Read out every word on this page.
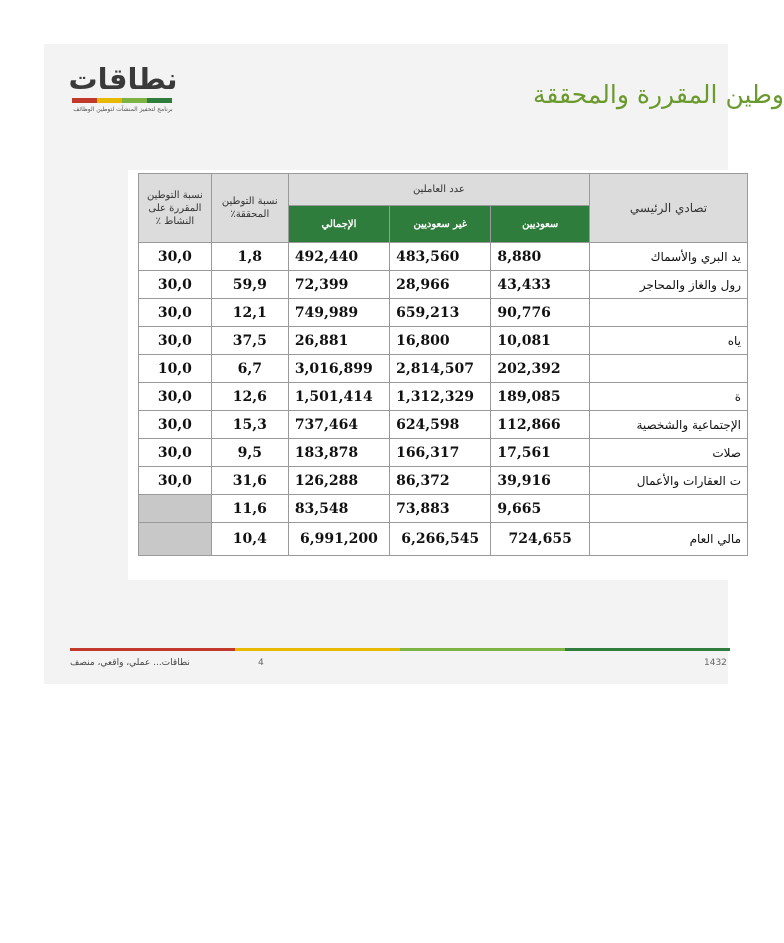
نطاقات
برنامج لتحفيز المنشآت لتوطين الوظائف
وطين المقررة والمحققة
نسبة التوطين المقررة على النشاط ٪	نسبة التوطين المحققة٪	عدد العاملين			تصادي الرئيسي
		الإجمالي	غير سعوديين	سعوديين	
30,0	1,8	492,440	483,560	8,880	يد البري والأسماك
30,0	59,9	72,399	28,966	43,433	رول والغاز والمحاجر
30,0	12,1	749,989	659,213	90,776	
30,0	37,5	26,881	16,800	10,081	ياه
10,0	6,7	3,016,899	2,814,507	202,392	
30,0	12,6	1,501,414	1,312,329	189,085	ة
30,0	15,3	737,464	624,598	112,866	الإجتماعية والشخصية
30,0	9,5	183,878	166,317	17,561	صلات
30,0	31,6	126,288	86,372	39,916	ت العقارات والأعمال
	11,6	83,548	73,883	9,665	
	10,4	6,991,200	6,266,545	724,655	مالي العام
نطاقات... عملي، واقعي، منصف	4	1432
